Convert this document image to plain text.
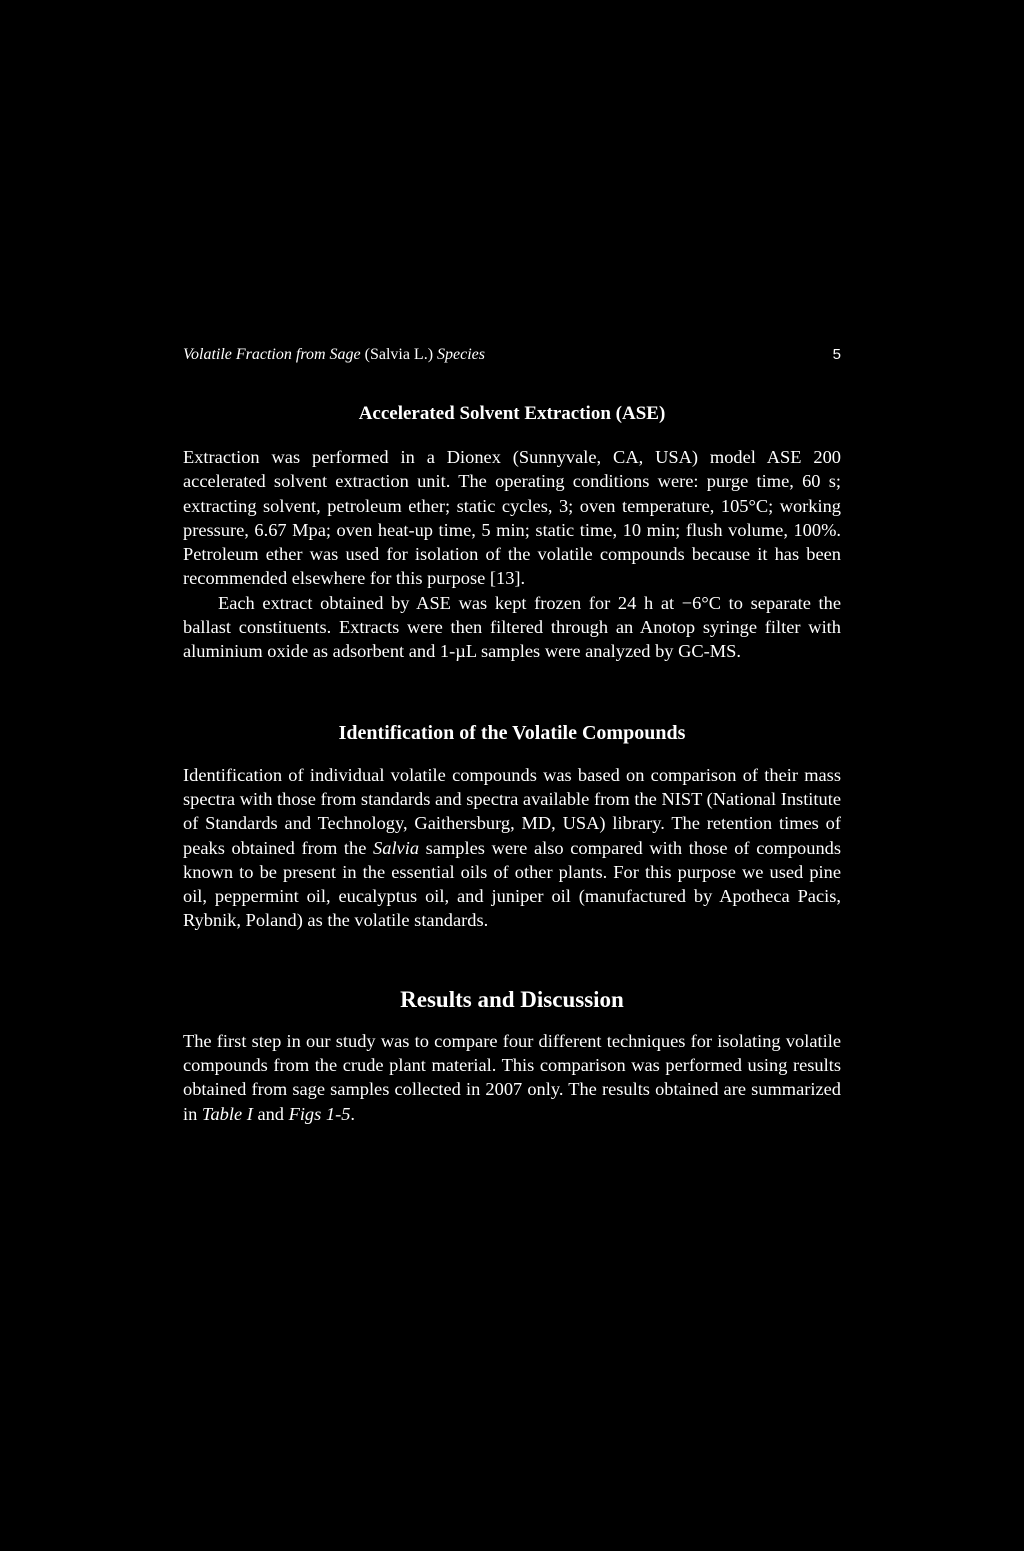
Volatile Fraction from Sage (Salvia L.) Species	5
Accelerated Solvent Extraction (ASE)

Extraction was performed in a Dionex (Sunnyvale, CA, USA) model ASE 200 accelerated solvent extraction unit. The operating conditions were: purge time, 60 s; extracting solvent, petroleum ether; static cycles, 3; oven temperature, 105°C; working pressure, 6.67 Mpa; oven heat-up time, 5 min; static time, 10 min; flush volume, 100%. Petroleum ether was used for isolation of the volatile compounds because it has been recommended elsewhere for this purpose [13].

Each extract obtained by ASE was kept frozen for 24 h at −6°C to separate the ballast constituents. Extracts were then filtered through an Anotop syringe filter with aluminium oxide as adsorbent and 1-µL samples were analyzed by GC-MS.

Identification of the Volatile Compounds

Identification of individual volatile compounds was based on comparison of their mass spectra with those from standards and spectra available from the NIST (National Institute of Standards and Technology, Gaithersburg, MD, USA) library. The retention times of peaks obtained from the Salvia samples were also compared with those of compounds known to be present in the essential oils of other plants. For this purpose we used pine oil, peppermint oil, eucalyptus oil, and juniper oil (manufactured by Apotheca Pacis, Rybnik, Poland) as the volatile standards.

Results and Discussion

The first step in our study was to compare four different techniques for isolating volatile compounds from the crude plant material. This comparison was performed using results obtained from sage samples collected in 2007 only. The results obtained are summarized in Table I and Figs 1-5.
